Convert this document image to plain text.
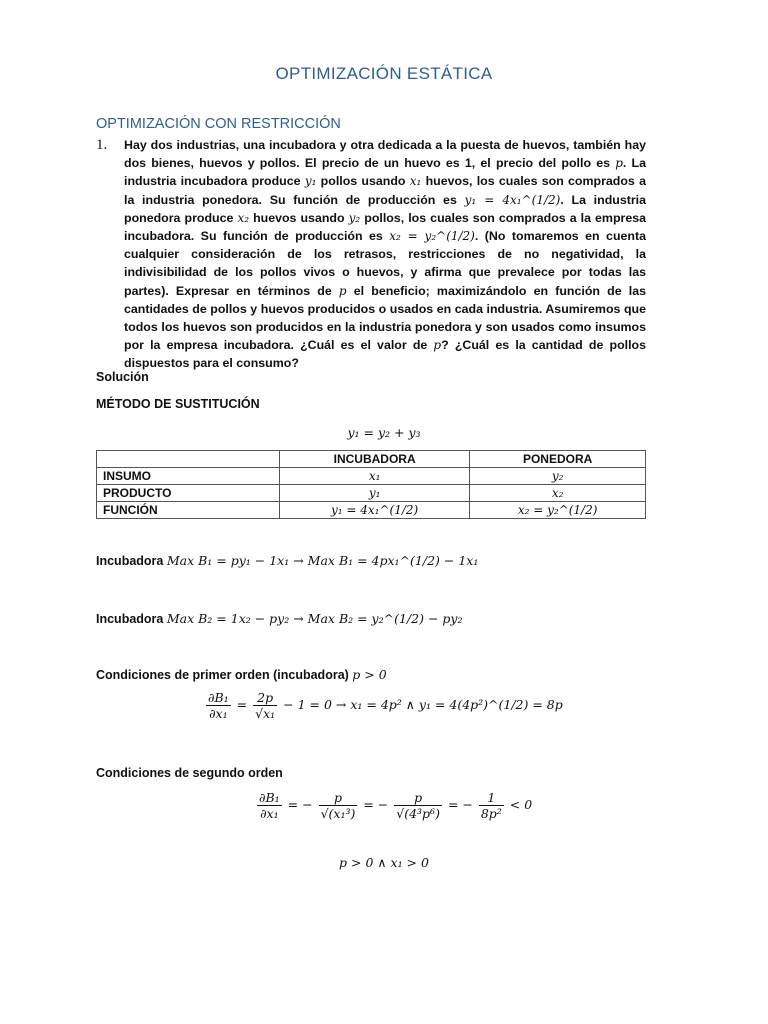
OPTIMIZACIÓN ESTÁTICA
OPTIMIZACIÓN CON RESTRICCIÓN
1. Hay dos industrias, una incubadora y otra dedicada a la puesta de huevos, también hay dos bienes, huevos y pollos. El precio de un huevo es 1, el precio del pollo es p. La industria incubadora produce y₁ pollos usando x₁ huevos, los cuales son comprados a la industria ponedora. Su función de producción es y₁ = 4x₁^(1/2). La industria ponedora produce x₂ huevos usando y₂ pollos, los cuales son comprados a la empresa incubadora. Su función de producción es x₂ = y₂^(1/2). (No tomaremos en cuenta cualquier consideración de los retrasos, restricciones de no negatividad, la indivisibilidad de los pollos vivos o huevos, y afirma que prevalece por todas las partes). Expresar en términos de p el beneficio; maximizándolo en función de las cantidades de pollos y huevos producidos o usados en cada industria. Asumiremos que todos los huevos son producidos en la industria ponedora y son usados como insumos por la empresa incubadora. ¿Cuál es el valor de p? ¿Cuál es la cantidad de pollos dispuestos para el consumo?
Solución
MÉTODO DE SUSTITUCIÓN
y₁ = y₂ + y₃
	INCUBADORA	PONEDORA
INSUMO	x₁	y₂
PRODUCTO	y₁	x₂
FUNCIÓN	y₁ = 4x₁^(1/2)	x₂ = y₂^(1/2)
Incubadora Max B₁ = py₁ − 1x₁ → Max B₁ = 4px₁^(1/2) − 1x₁
Incubadora Max B₂ = 1x₂ − py₂ → Max B₂ = y₂^(1/2) − py₂
Condiciones de primer orden (incubadora) p > 0
$\frac{\text{∂B₁}}{\text{∂x₁}} = \frac{2p}{\text{√x₁}} - 1 = 0 \to x_1 = 4p^2$ ∧ y₁ = 4(4p²)^(1/2) = 8p
Condiciones de segundo orden
$\frac{\text{∂B₁}}{\text{∂x₁}}$ = − $\frac{p}{\text{√(x₁³)}}$ = − $\frac{p}{\text{√(4³p⁶)}}$ = − $\frac{1}{\text{8p²}} < 0$
p > 0 ∧ x₁ > 0
